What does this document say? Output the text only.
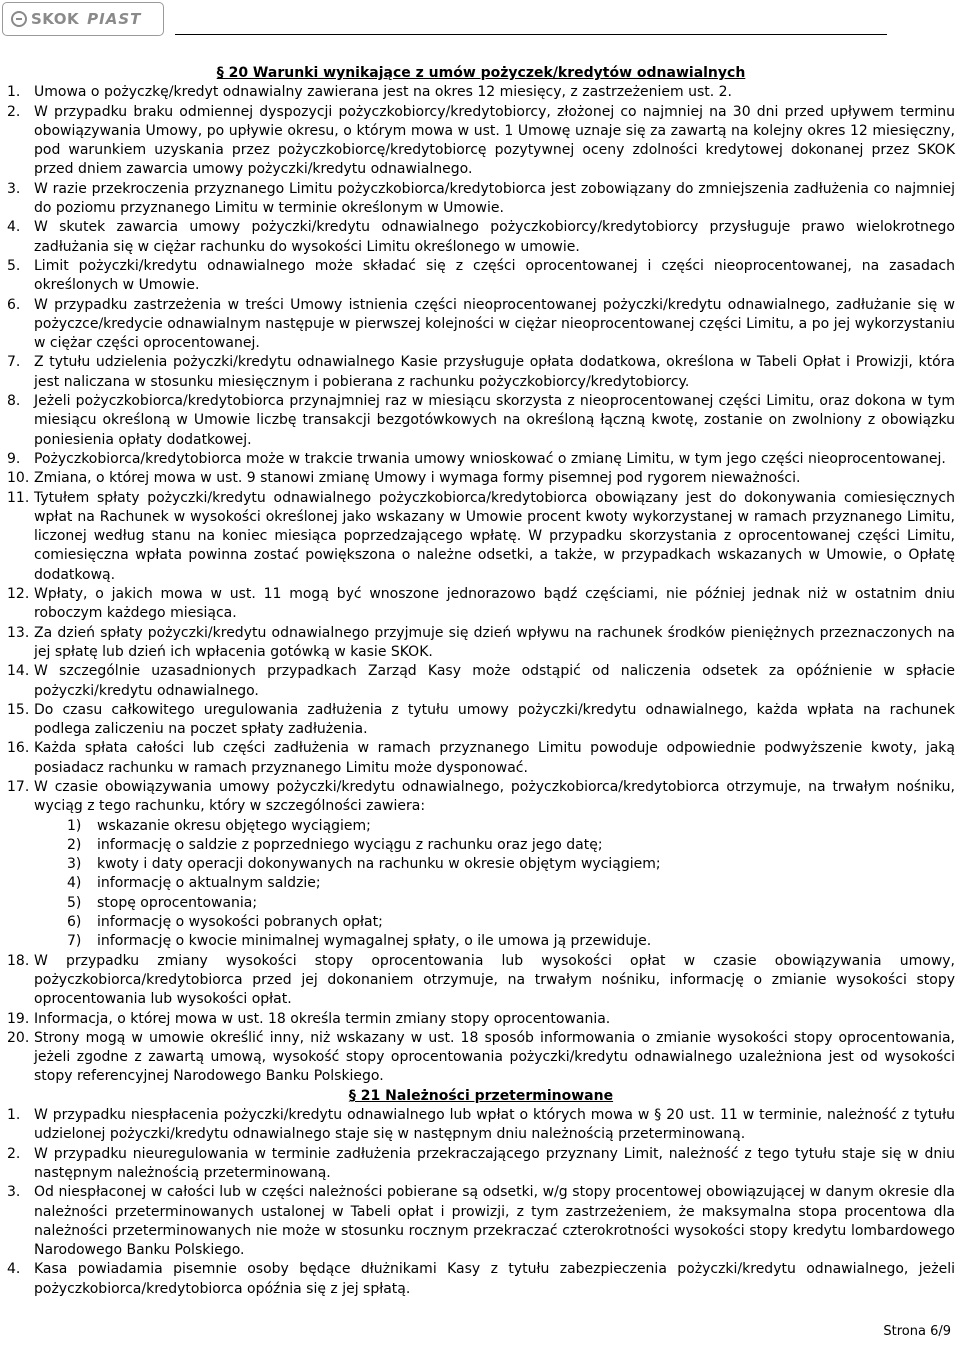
SKOK PIAST

§ 20 Warunki wynikające z umów pożyczek/kredytów odnawialnych

1. Umowa o pożyczkę/kredyt odnawialny zawierana jest na okres 12 miesięcy, z zastrzeżeniem ust. 2.
2. W przypadku braku odmiennej dyspozycji pożyczkobiorcy/kredytobiorcy, złożonej co najmniej na 30 dni przed upływem terminu obowiązywania Umowy, po upływie okresu, o którym mowa w ust. 1 Umowę uznaje się za zawartą na kolejny okres 12 miesięczny, pod warunkiem uzyskania przez pożyczkobiorcę/kredytobiorcę pozytywnej oceny zdolności kredytowej dokonanej przez SKOK przed dniem zawarcia umowy pożyczki/kredytu odnawialnego.
3. W razie przekroczenia przyznanego Limitu pożyczkobiorca/kredytobiorca jest zobowiązany do zmniejszenia zadłużenia co najmniej do poziomu przyznanego Limitu w terminie określonym w Umowie.
4. W skutek zawarcia umowy pożyczki/kredytu odnawialnego pożyczkobiorcy/kredytobiorcy przysługuje prawo wielokrotnego zadłużania się w ciężar rachunku do wysokości Limitu określonego w umowie.
5. Limit pożyczki/kredytu odnawialnego może składać się z części oprocentowanej i części nieoprocentowanej, na zasadach określonych w Umowie.
6. W przypadku zastrzeżenia w treści Umowy istnienia części nieoprocentowanej pożyczki/kredytu odnawialnego, zadłużanie się w pożyczce/kredycie odnawialnym następuje w pierwszej kolejności w ciężar nieoprocentowanej części Limitu, a po jej wykorzystaniu w ciężar części oprocentowanej.
7. Z tytułu udzielenia pożyczki/kredytu odnawialnego Kasie przysługuje opłata dodatkowa, określona w Tabeli Opłat i Prowizji, która jest naliczana w stosunku miesięcznym i pobierana z rachunku pożyczkobiorcy/kredytobiorcy.
8. Jeżeli pożyczkobiorca/kredytobiorca przynajmniej raz w miesiącu skorzysta z nieoprocentowanej części Limitu, oraz dokona w tym miesiącu określoną w Umowie liczbę transakcji bezgotówkowych na określoną łączną kwotę, zostanie on zwolniony z obowiązku poniesienia opłaty dodatkowej.
9. Pożyczkobiorca/kredytobiorca może w trakcie trwania umowy wnioskować o zmianę Limitu, w tym jego części nieoprocentowanej.
10. Zmiana, o której mowa w ust. 9 stanowi zmianę Umowy i wymaga formy pisemnej pod rygorem nieważności.
11. Tytułem spłaty pożyczki/kredytu odnawialnego pożyczkobiorca/kredytobiorca obowiązany jest do dokonywania comiesięcznych wpłat na Rachunek w wysokości określonej jako wskazany w Umowie procent kwoty wykorzystanej w ramach przyznanego Limitu, liczonej według stanu na koniec miesiąca poprzedzającego wpłatę. W przypadku skorzystania z oprocentowanej części Limitu, comiesięczna wpłata powinna zostać powiększona o należne odsetki, a także, w przypadkach wskazanych w Umowie, o Opłatę dodatkową.
12. Wpłaty, o jakich mowa w ust. 11 mogą być wnoszone jednorazowo bądź częściami, nie później jednak niż w ostatnim dniu roboczym każdego miesiąca.
13. Za dzień spłaty pożyczki/kredytu odnawialnego przyjmuje się dzień wpływu na rachunek środków pieniężnych przeznaczonych na jej spłatę lub dzień ich wpłacenia gotówką w kasie SKOK.
14. W szczególnie uzasadnionych przypadkach Zarząd Kasy może odstąpić od naliczenia odsetek za opóźnienie w spłacie pożyczki/kredytu odnawialnego.
15. Do czasu całkowitego uregulowania zadłużenia z tytułu umowy pożyczki/kredytu odnawialnego, każda wpłata na rachunek podlega zaliczeniu na poczet spłaty zadłużenia.
16. Każda spłata całości lub części zadłużenia w ramach przyznanego Limitu powoduje odpowiednie podwyższenie kwoty, jaką posiadacz rachunku w ramach przyznanego Limitu może dysponować.
17. W czasie obowiązywania umowy pożyczki/kredytu odnawialnego, pożyczkobiorca/kredytobiorca otrzymuje, na trwałym nośniku, wyciąg z tego rachunku, który w szczególności zawiera:
1)	wskazanie okresu objętego wyciągiem;
2)	informację o saldzie z poprzedniego wyciągu z rachunku oraz jego datę;
3)	kwoty i daty operacji dokonywanych na rachunku w okresie objętym wyciągiem;
4)	informację o aktualnym saldzie;
5)	stopę oprocentowania;
6)	informację o wysokości pobranych opłat;
7)	informację o kwocie minimalnej wymagalnej spłaty, o ile umowa ją przewiduje.
18. W przypadku zmiany wysokości stopy oprocentowania lub wysokości opłat w czasie obowiązywania umowy, pożyczkobiorca/kredytobiorca przed jej dokonaniem otrzymuje, na trwałym nośniku, informację o zmianie wysokości stopy oprocentowania lub wysokości opłat.
19. Informacja, o której mowa w ust. 18 określa termin zmiany stopy oprocentowania.
20. Strony mogą w umowie określić inny, niż wskazany w ust. 18 sposób informowania o zmianie wysokości stopy oprocentowania, jeżeli zgodne z zawartą umową, wysokość stopy oprocentowania pożyczki/kredytu odnawialnego uzależniona jest od wysokości stopy referencyjnej Narodowego Banku Polskiego.

§ 21 Należności przeterminowane

1. W przypadku niespłacenia pożyczki/kredytu odnawialnego lub wpłat o których mowa w § 20 ust. 11 w terminie, należność z tytułu udzielonej pożyczki/kredytu odnawialnego staje się w następnym dniu należnością przeterminowaną.
2. W przypadku nieuregulowania w terminie zadłużenia przekraczającego przyznany Limit, należność z tego tytułu staje się w dniu następnym należnością przeterminowaną.
3. Od niespłaconej w całości lub w części należności pobierane są odsetki, w/g stopy procentowej obowiązującej w danym okresie dla należności przeterminowanych ustalonej w Tabeli opłat i prowizji, z tym zastrzeżeniem, że maksymalna stopa procentowa dla należności przeterminowanych nie może w stosunku rocznym przekraczać czterokrotności wysokości stopy kredytu lombardowego Narodowego Banku Polskiego.
4. Kasa powiadamia pisemnie osoby będące dłużnikami Kasy z tytułu zabezpieczenia pożyczki/kredytu odnawialnego, jeżeli pożyczkobiorca/kredytobiorca opóźnia się z jej spłatą.
Strona 6/9
